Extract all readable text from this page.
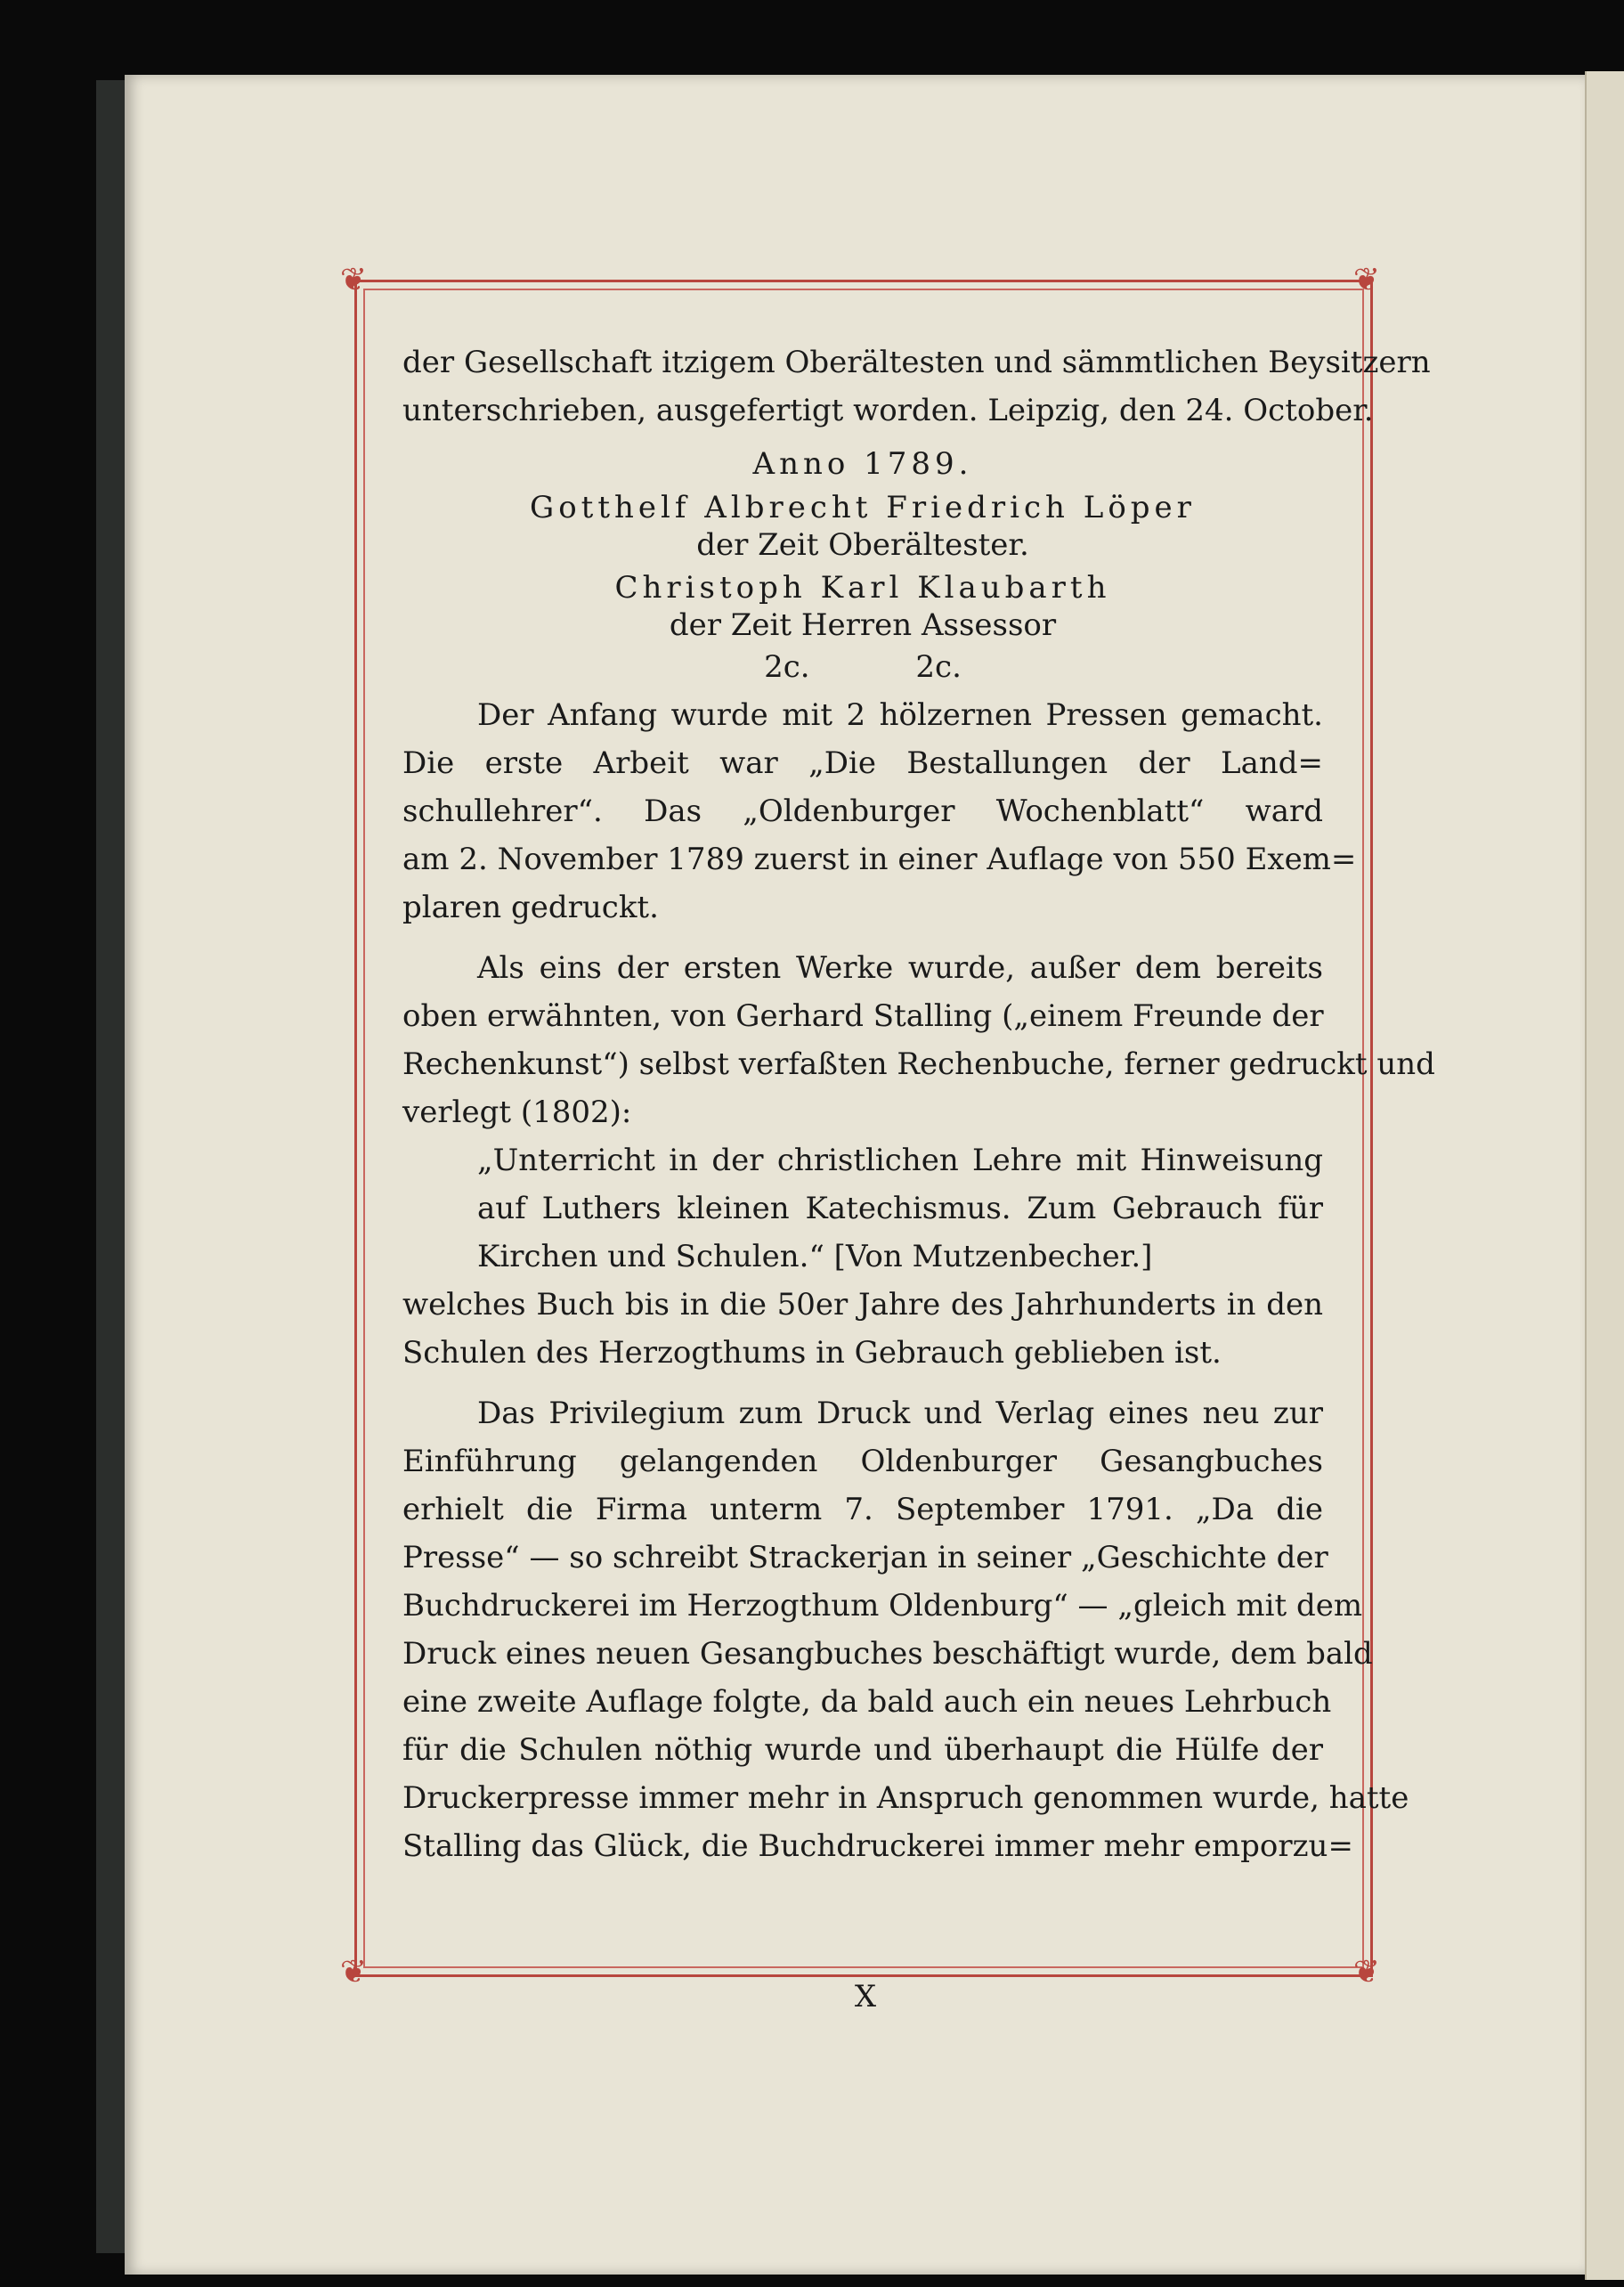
❦	❦
❦	❦
der Gesellschaft itzigem Oberältesten und sämmtlichen Beysitzern
unterschrieben, ausgefertigt worden. Leipzig, den 24. October.
Anno 1789.
Gotthelf Albrecht Friedrich Löper
der Zeit Oberältester.
Christoph Karl Klaubarth
der Zeit Herren Assessor
2c.           2c.
Der Anfang wurde mit 2 hölzernen Pressen gemacht.
Die erste Arbeit war „Die Bestallungen der Land=
schullehrer“. Das „Oldenburger Wochenblatt“ ward
am 2. November 1789 zuerst in einer Auflage von 550 Exem=
plaren gedruckt.
Als eins der ersten Werke wurde, außer dem bereits
oben erwähnten, von Gerhard Stalling („einem Freunde der
Rechenkunst“) selbst verfaßten Rechenbuche, ferner gedruckt und
verlegt (1802):
„Unterricht in der christlichen Lehre mit Hinweisung
auf Luthers kleinen Katechismus. Zum Gebrauch für
Kirchen und Schulen.“ [Von Mutzenbecher.]
welches Buch bis in die 50er Jahre des Jahrhunderts in den
Schulen des Herzogthums in Gebrauch geblieben ist.
Das Privilegium zum Druck und Verlag eines neu zur
Einführung gelangenden Oldenburger Gesangbuches
erhielt die Firma unterm 7. September 1791. „Da die
Presse“ — so schreibt Strackerjan in seiner „Geschichte der
Buchdruckerei im Herzogthum Oldenburg“ — „gleich mit dem
Druck eines neuen Gesangbuches beschäftigt wurde, dem bald
eine zweite Auflage folgte, da bald auch ein neues Lehrbuch
für die Schulen nöthig wurde und überhaupt die Hülfe der
Druckerpresse immer mehr in Anspruch genommen wurde, hatte
Stalling das Glück, die Buchdruckerei immer mehr emporzu=
X
